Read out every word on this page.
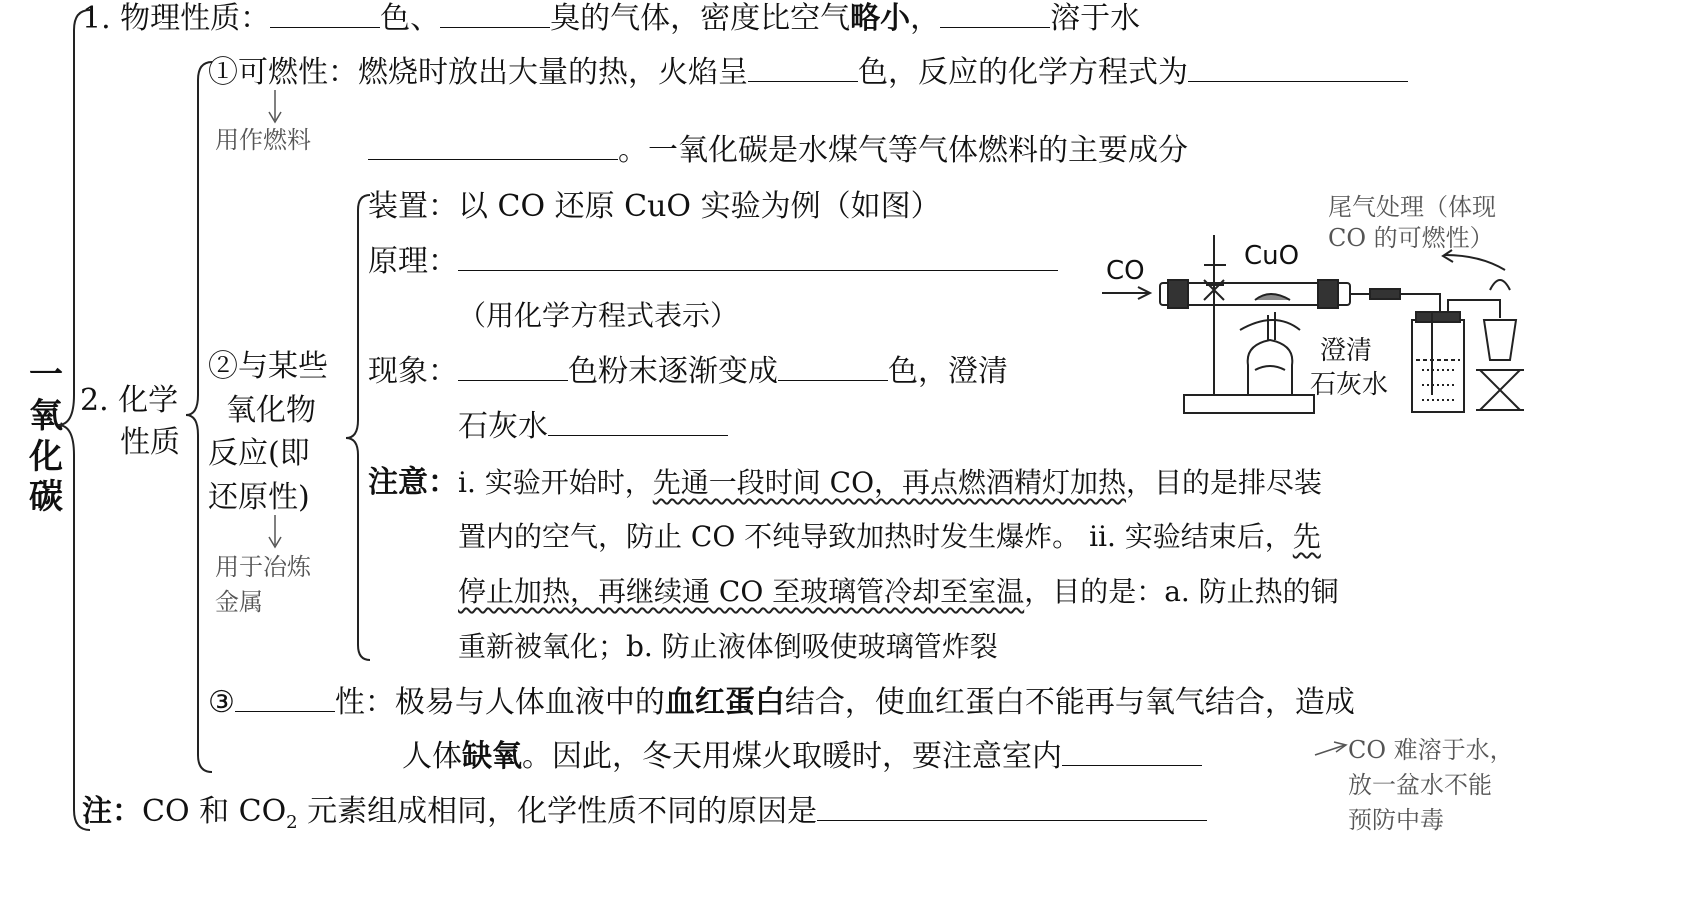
一氧化碳
1. 物理性质：	色、	臭的气体，密度比空气略小，	溶于水
2. 化学
性质
①可燃性：燃烧时放出大量的热，火焰呈	色，反应的化学方程式为
用作燃料	。一氧化碳是水煤气等气体燃料的主要成分
②与某些
氧化物
反应(即
还原性)
用于冶炼
金属
装置：以 CO 还原 CuO 实验为例（如图）
原理：
（用化学方程式表示）
现象：	色粉末逐渐变成	色，澄清
石灰水
注意：ⅰ. 实验开始时，先通一段时间 CO，再点燃酒精灯加热，目的是排尽装
置内的空气，防止 CO 不纯导致加热时发生爆炸。 ⅱ. 实验结束后，先
停止加热，再继续通 CO 至玻璃管冷却至室温，目的是：a. 防止热的铜
重新被氧化；b. 防止液体倒吸使玻璃管炸裂
③	性：极易与人体血液中的血红蛋白结合，使血红蛋白不能再与氧气结合，造成
人体缺氧。因此，冬天用煤火取暖时，要注意室内	CO 难溶于水，
放一盆水不能
预防中毒
注：CO 和 $CO_2$ 元素组成相同，化学性质不同的原因是
尾气处理（体现
CO 的可燃性）
CO	CuO
澄清
石灰水
